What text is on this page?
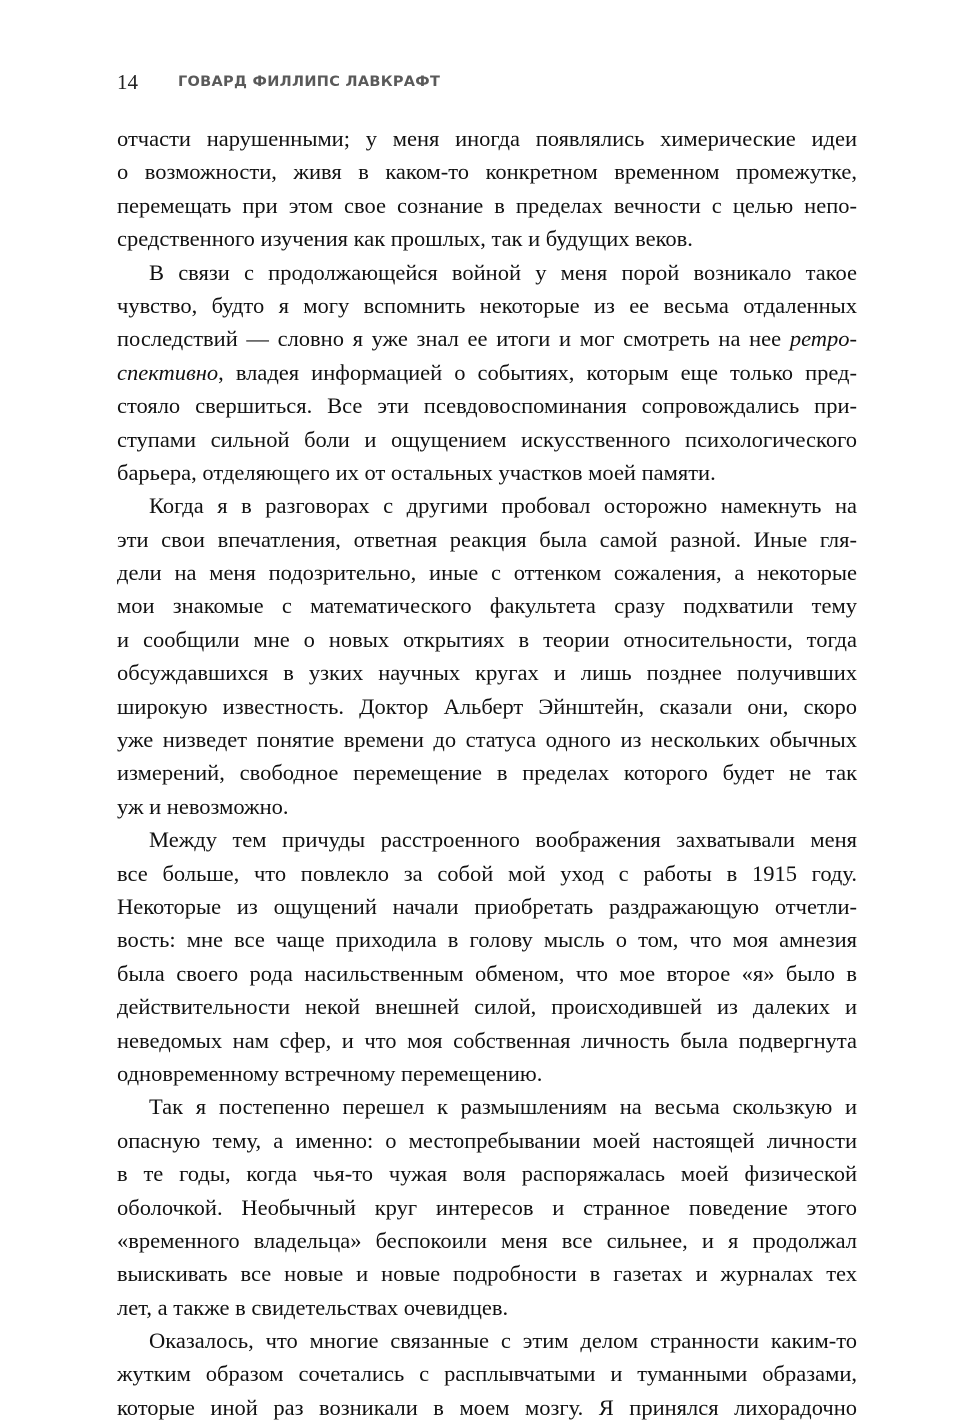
14	ГОВАРД ФИЛЛИПС ЛАВКРАФТ
отчасти нарушенными; у меня иногда появлялись химерические идеи
о возможности, живя в каком-то конкретном временном промежутке,
перемещать при этом свое сознание в пределах вечности с целью непо-
средственного изучения как прошлых, так и будущих веков.
В связи с продолжающейся войной у меня порой возникало такое
чувство, будто я могу вспомнить некоторые из ее весьма отдаленных
последствий — словно я уже знал ее итоги и мог смотреть на нее ретро-
спективно, владея информацией о событиях, которым еще только пред-
стояло свершиться. Все эти псевдовоспоминания сопровождались при-
ступами сильной боли и ощущением искусственного психологического
барьера, отделяющего их от остальных участков моей памяти.
Когда я в разговорах с другими пробовал осторожно намекнуть на
эти свои впечатления, ответная реакция была самой разной. Иные гля-
дели на меня подозрительно, иные с оттенком сожаления, а некоторые
мои знакомые с математического факультета сразу подхватили тему
и сообщили мне о новых открытиях в теории относительности, тогда
обсуждавшихся в узких научных кругах и лишь позднее получивших
широкую известность. Доктор Альберт Эйнштейн, сказали они, скоро
уже низведет понятие времени до статуса одного из нескольких обычных
измерений, свободное перемещение в пределах которого будет не так
уж и невозможно.
Между тем причуды расстроенного воображения захватывали меня
все больше, что повлекло за собой мой уход с работы в 1915 году.
Некоторые из ощущений начали приобретать раздражающую отчетли-
вость: мне все чаще приходила в голову мысль о том, что моя амнезия
была своего рода насильственным обменом, что мое второе «я» было в
действительности некой внешней силой, происходившей из далеких и
неведомых нам сфер, и что моя собственная личность была подвергнута
одновременному встречному перемещению.
Так я постепенно перешел к размышлениям на весьма скользкую и
опасную тему, а именно: о местопребывании моей настоящей личности
в те годы, когда чья-то чужая воля распоряжалась моей физической
оболочкой. Необычный круг интересов и странное поведение этого
«временного владельца» беспокоили меня все сильнее, и я продолжал
выискивать все новые и новые подробности в газетах и журналах тех
лет, а также в свидетельствах очевидцев.
Оказалось, что многие связанные с этим делом странности каким-то
жутким образом сочетались с расплывчатыми и туманными образами,
которые иной раз возникали в моем мозгу. Я принялся лихорадочно
